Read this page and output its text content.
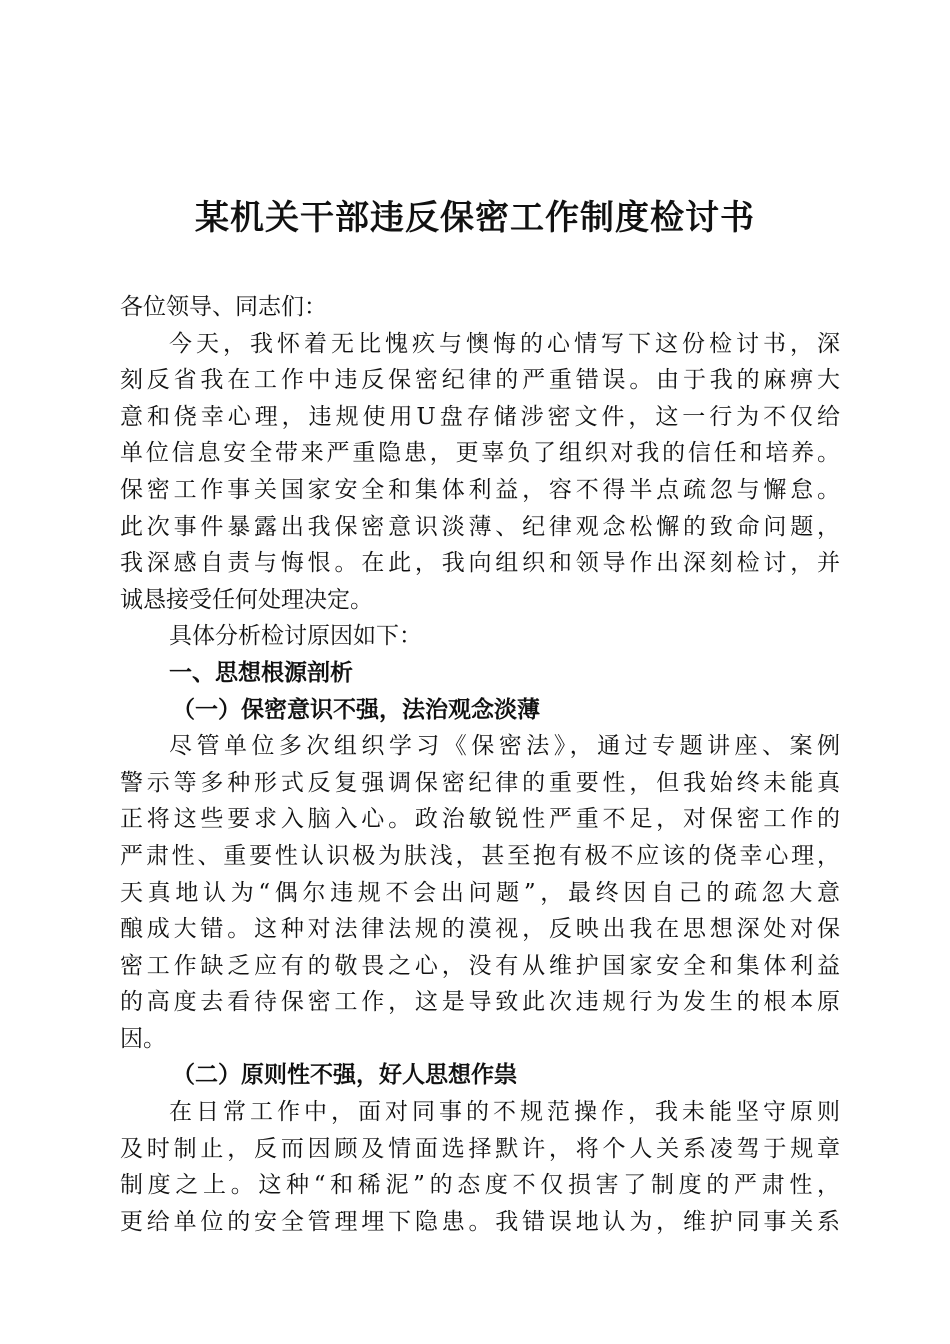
某机关干部违反保密工作制度检讨书
各位领导、同志们：
今天，我怀着无比愧疚与懊悔的心情写下这份检讨书，深
刻反省我在工作中违反保密纪律的严重错误。由于我的麻痹大
意和侥幸心理，违规使用U盘存储涉密文件，这一行为不仅给
单位信息安全带来严重隐患，更辜负了组织对我的信任和培养。
保密工作事关国家安全和集体利益，容不得半点疏忽与懈怠。
此次事件暴露出我保密意识淡薄、纪律观念松懈的致命问题，
我深感自责与悔恨。在此，我向组织和领导作出深刻检讨，并
诚恳接受任何处理决定。
具体分析检讨原因如下：
一、思想根源剖析
（一）保密意识不强，法治观念淡薄
尽管单位多次组织学习《保密法》，通过专题讲座、案例
警示等多种形式反复强调保密纪律的重要性，但我始终未能真
正将这些要求入脑入心。政治敏锐性严重不足，对保密工作的
严肃性、重要性认识极为肤浅，甚至抱有极不应该的侥幸心理，
天真地认为“偶尔违规不会出问题”，最终因自己的疏忽大意
酿成大错。这种对法律法规的漠视，反映出我在思想深处对保
密工作缺乏应有的敬畏之心，没有从维护国家安全和集体利益
的高度去看待保密工作，这是导致此次违规行为发生的根本原
因。
（二）原则性不强，好人思想作祟
在日常工作中，面对同事的不规范操作，我未能坚守原则
及时制止，反而因顾及情面选择默许，将个人关系凌驾于规章
制度之上。这种“和稀泥”的态度不仅损害了制度的严肃性，
更给单位的安全管理埋下隐患。我错误地认为，维护同事关系
